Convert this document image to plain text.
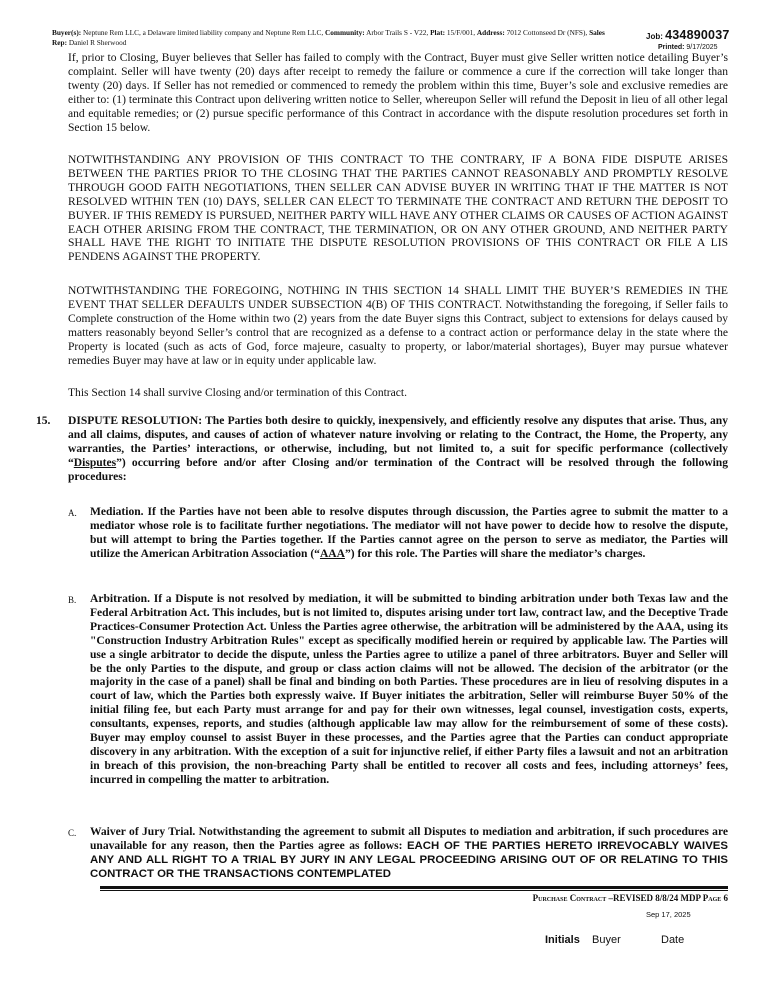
Buyer(s): Neptune Rem LLC, a Delaware limited liability company and Neptune Rem LLC, Community: Arbor Trails S - V22, Plat: 15/F/001, Address: 7012 Cottonseed Dr (NFS), Sales Rep: Daniel R Sherwood
Job: 434890037
Printed: 9/17/2025
If, prior to Closing, Buyer believes that Seller has failed to comply with the Contract, Buyer must give Seller written notice detailing Buyer’s complaint. Seller will have twenty (20) days after receipt to remedy the failure or commence a cure if the correction will take longer than twenty (20) days. If Seller has not remedied or commenced to remedy the problem within this time, Buyer’s sole and exclusive remedies are either to: (1) terminate this Contract upon delivering written notice to Seller, whereupon Seller will refund the Deposit in lieu of all other legal and equitable remedies; or (2) pursue specific performance of this Contract in accordance with the dispute resolution procedures set forth in Section 15 below.
NOTWITHSTANDING ANY PROVISION OF THIS CONTRACT TO THE CONTRARY, IF A BONA FIDE DISPUTE ARISES BETWEEN THE PARTIES PRIOR TO THE CLOSING THAT THE PARTIES CANNOT REASONABLY AND PROMPTLY RESOLVE THROUGH GOOD FAITH NEGOTIATIONS, THEN SELLER CAN ADVISE BUYER IN WRITING THAT IF THE MATTER IS NOT RESOLVED WITHIN TEN (10) DAYS, SELLER CAN ELECT TO TERMINATE THE CONTRACT AND RETURN THE DEPOSIT TO BUYER. IF THIS REMEDY IS PURSUED, NEITHER PARTY WILL HAVE ANY OTHER CLAIMS OR CAUSES OF ACTION AGAINST EACH OTHER ARISING FROM THE CONTRACT, THE TERMINATION, OR ON ANY OTHER GROUND, AND NEITHER PARTY SHALL HAVE THE RIGHT TO INITIATE THE DISPUTE RESOLUTION PROVISIONS OF THIS CONTRACT OR FILE A LIS PENDENS AGAINST THE PROPERTY.
NOTWITHSTANDING THE FOREGOING, NOTHING IN THIS SECTION 14 SHALL LIMIT THE BUYER’S REMEDIES IN THE EVENT THAT SELLER DEFAULTS UNDER SUBSECTION 4(B) OF THIS CONTRACT. Notwithstanding the foregoing, if Seller fails to Complete construction of the Home within two (2) years from the date Buyer signs this Contract, subject to extensions for delays caused by matters reasonably beyond Seller’s control that are recognized as a defense to a contract action or performance delay in the state where the Property is located (such as acts of God, force majeure, casualty to property, or labor/material shortages), Buyer may pursue whatever remedies Buyer may have at law or in equity under applicable law.
This Section 14 shall survive Closing and/or termination of this Contract.
15. DISPUTE RESOLUTION: The Parties both desire to quickly, inexpensively, and efficiently resolve any disputes that arise. Thus, any and all claims, disputes, and causes of action of whatever nature involving or relating to the Contract, the Home, the Property, any warranties, the Parties’ interactions, or otherwise, including, but not limited to, a suit for specific performance (collectively “Disputes”) occurring before and/or after Closing and/or termination of the Contract will be resolved through the following procedures:
A. Mediation. If the Parties have not been able to resolve disputes through discussion, the Parties agree to submit the matter to a mediator whose role is to facilitate further negotiations. The mediator will not have power to decide how to resolve the dispute, but will attempt to bring the Parties together. If the Parties cannot agree on the person to serve as mediator, the Parties will utilize the American Arbitration Association (“AAA”) for this role. The Parties will share the mediator’s charges.
B. Arbitration. If a Dispute is not resolved by mediation, it will be submitted to binding arbitration under both Texas law and the Federal Arbitration Act. This includes, but is not limited to, disputes arising under tort law, contract law, and the Deceptive Trade Practices-Consumer Protection Act. Unless the Parties agree otherwise, the arbitration will be administered by the AAA, using its "Construction Industry Arbitration Rules" except as specifically modified herein or required by applicable law. The Parties will use a single arbitrator to decide the dispute, unless the Parties agree to utilize a panel of three arbitrators. Buyer and Seller will be the only Parties to the dispute, and group or class action claims will not be allowed. The decision of the arbitrator (or the majority in the case of a panel) shall be final and binding on both Parties. These procedures are in lieu of resolving disputes in a court of law, which the Parties both expressly waive. If Buyer initiates the arbitration, Seller will reimburse Buyer 50% of the initial filing fee, but each Party must arrange for and pay for their own witnesses, legal counsel, investigation costs, experts, consultants, expenses, reports, and studies (although applicable law may allow for the reimbursement of some of these costs). Buyer may employ counsel to assist Buyer in these processes, and the Parties agree that the Parties can conduct appropriate discovery in any arbitration. With the exception of a suit for injunctive relief, if either Party files a lawsuit and not an arbitration in breach of this provision, the non-breaching Party shall be entitled to recover all costs and fees, including attorneys’ fees, incurred in compelling the matter to arbitration.
C. Waiver of Jury Trial. Notwithstanding the agreement to submit all Disputes to mediation and arbitration, if such procedures are unavailable for any reason, then the Parties agree as follows: EACH OF THE PARTIES HERETO IRREVOCABLY WAIVES ANY AND ALL RIGHT TO A TRIAL BY JURY IN ANY LEGAL PROCEEDING ARISING OUT OF OR RELATING TO THIS CONTRACT OR THE TRANSACTIONS CONTEMPLATED
Purchase Contract –REVISED 8/8/24 MDP Page 6
Sep 17, 2025
Initials Buyer	Date
